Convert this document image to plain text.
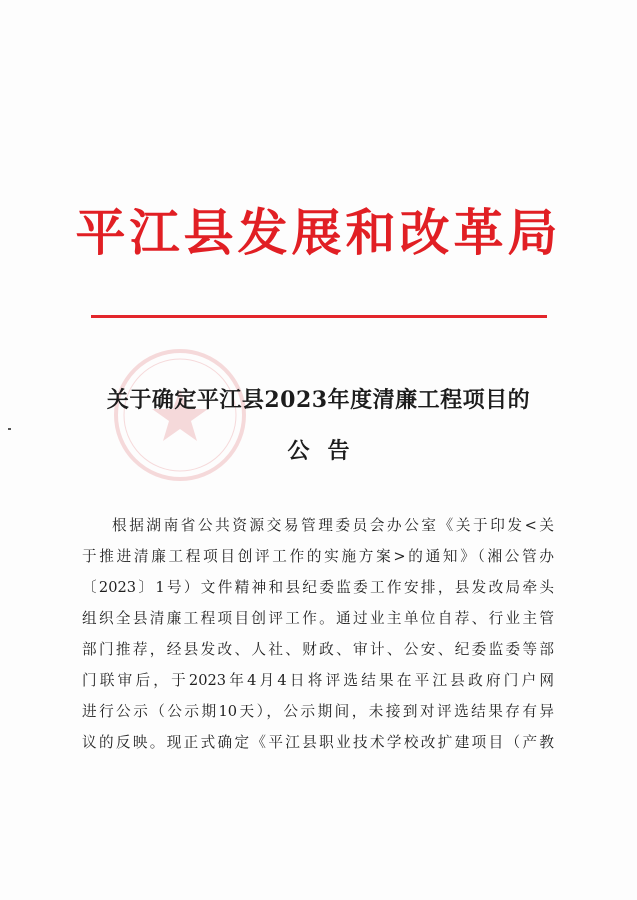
平江县发展和改革局
关于确定平江县2023年度清廉工程项目的
公告
根据湖南省公共资源交易管理委员会办公室《关于印发<关
于推进清廉工程项目创评工作的实施方案>的通知》（湘公管办
〔2023〕1号）文件精神和县纪委监委工作安排，县发改局牵头
组织全县清廉工程项目创评工作。通过业主单位自荐、行业主管
部门推荐，经县发改、人社、财政、审计、公安、纪委监委等部
门联审后，于2023年4月4日将评选结果在平江县政府门户网
进行公示（公示期10天），公示期间，未接到对评选结果存有异
议的反映。现正式确定《平江县职业技术学校改扩建项目（产教
